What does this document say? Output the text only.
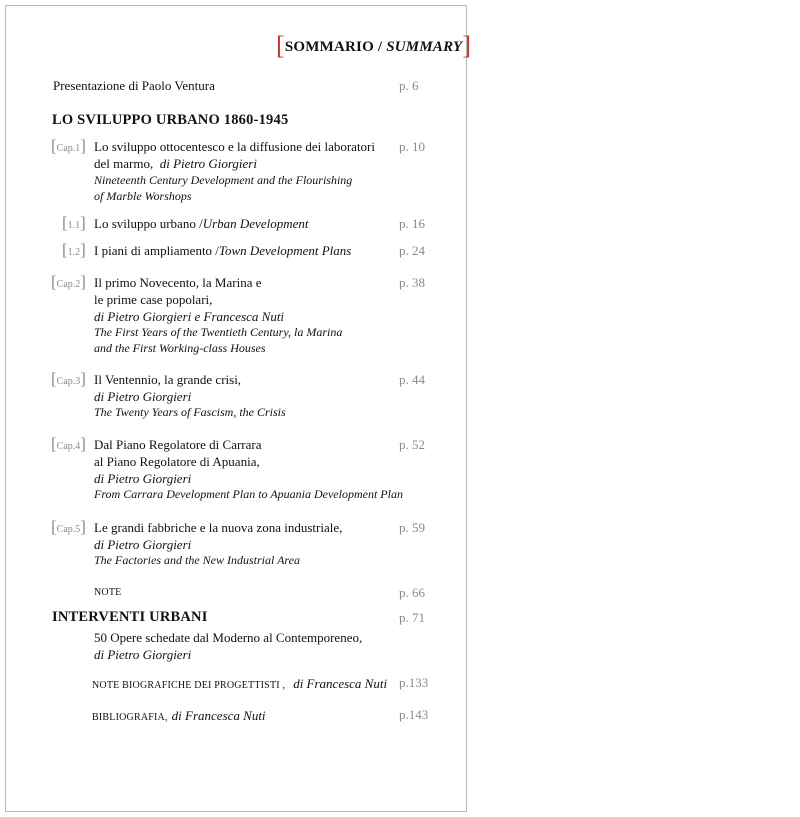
[SOMMARIO / SUMMARY]
Presentazione di Paolo Ventura	p. 6
LO SVILUPPO URBANO 1860-1945
[Cap.1] Lo sviluppo ottocentesco e la diffusione dei laboratori
del marmo, di Pietro Giorgieri
Nineteenth Century Development and the Flourishing
of Marble Worshops
p. 10
[1.1] Lo sviluppo urbano /Urban Development	p. 16
[1.2] I piani di ampliamento /Town Development Plans	p. 24
[Cap.2] Il primo Novecento, la Marina e
le prime case popolari,
di Pietro Giorgieri e Francesca Nuti
The First Years of the Twentieth Century, la Marina
and the First Working-class Houses
p. 38
[Cap.3] Il Ventennio, la grande crisi,
di Pietro Giorgieri
The Twenty Years of Fascism, the Crisis
p. 44
[Cap.4] Dal Piano Regolatore di Carrara
al Piano Regolatore di Apuania,
di Pietro Giorgieri
From Carrara Development Plan to Apuania Development Plan
p. 52
[Cap.5] Le grandi fabbriche e la nuova zona industriale,
di Pietro Giorgieri
The Factories and the New Industrial Area
p. 59
NOTE	p. 66
INTERVENTI URBANI	p. 71
50 Opere schedate dal Moderno al Contemporeneo,
di Pietro Giorgieri
NOTE BIOGRAFICHE DEI PROGETTISTI , di Francesca Nuti p.133
BIBLIOGRAFIA, di Francesca Nuti	p.143
